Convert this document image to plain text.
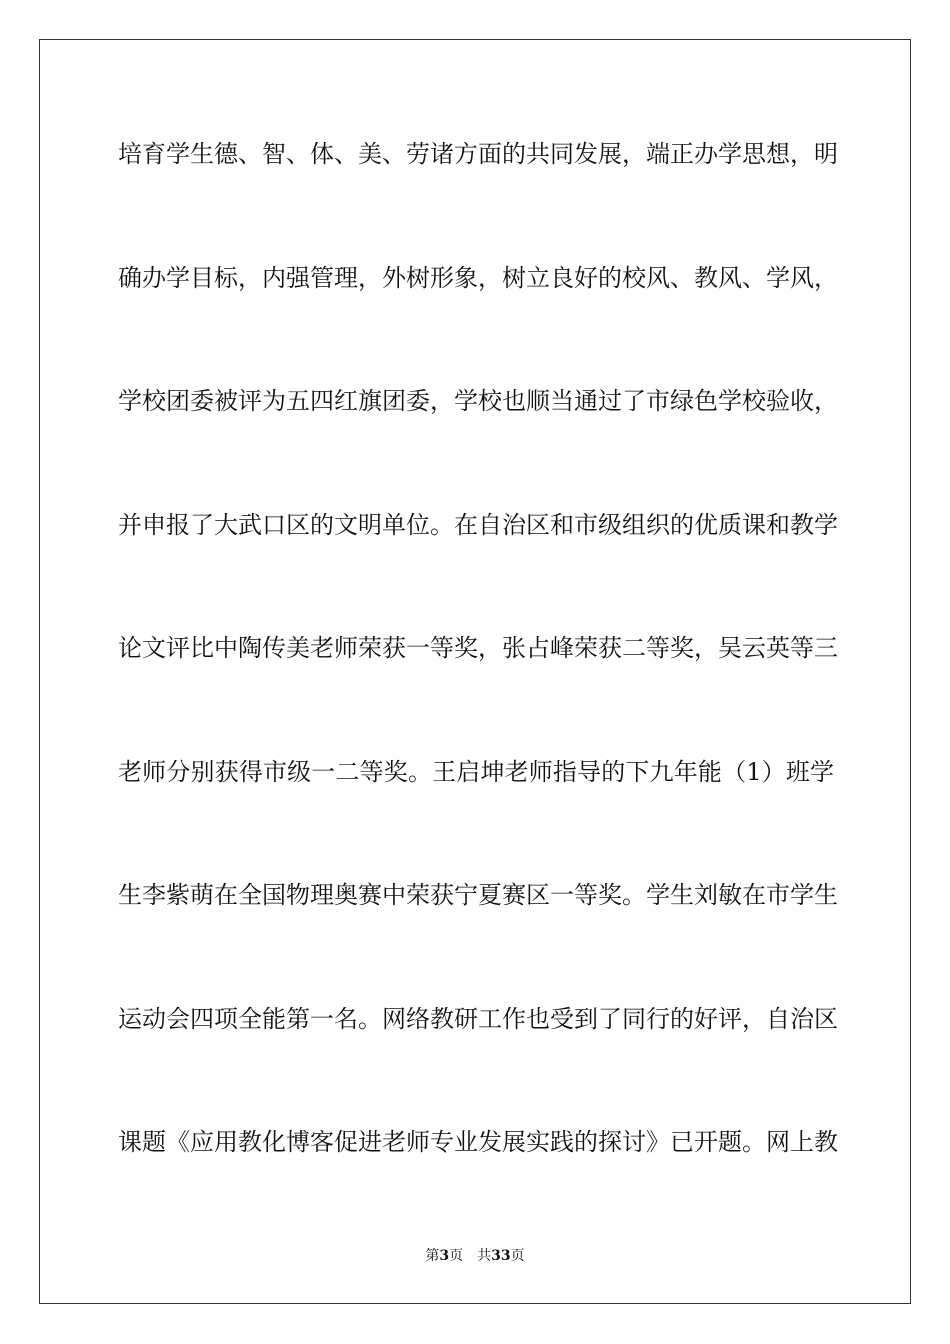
培育学生德、智、体、美、劳诸方面的共同发展，端正办学思想，明
确办学目标，内强管理，外树形象，树立良好的校风、教风、学风，
学校团委被评为五四红旗团委，学校也顺当通过了市绿色学校验收，
并申报了大武口区的文明单位。在自治区和市级组织的优质课和教学
论文评比中陶传美老师荣获一等奖，张占峰荣获二等奖，吴云英等三
老师分别获得市级一二等奖。王启坤老师指导的下九年能（1）班学
生李紫萌在全国物理奥赛中荣获宁夏赛区一等奖。学生刘敏在市学生
运动会四项全能第一名。网络教研工作也受到了同行的好评，自治区
课题《应用教化博客促进老师专业发展实践的探讨》已开题。网上教
第3页 共33页
